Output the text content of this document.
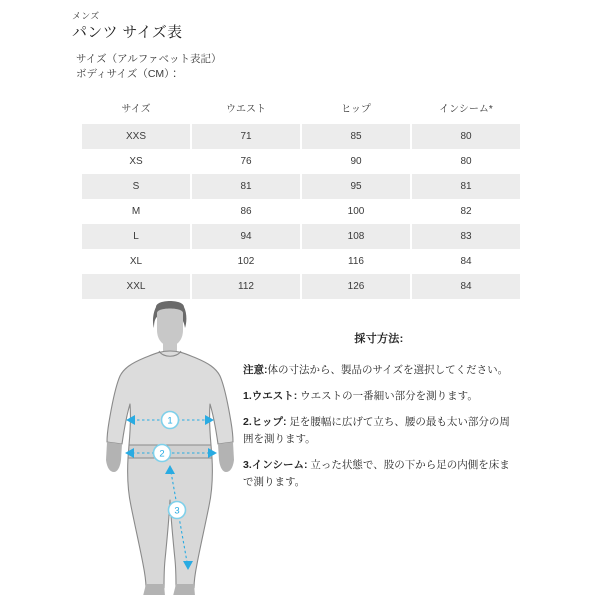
メンズ
パンツ サイズ表
サイズ（アルファベット表記）
ボディサイズ（CM）：
サイズ	ウエスト	ヒップ	インシーム*
XXS	71	85	80
XS	76	90	80
S	81	95	81
M	86	100	82
L	94	108	83
XL	102	116	84
XXL	112	126	84
1
2
3
採寸方法:
注意:体の寸法から、製品のサイズを選択してください。
1.ウエスト: ウエストの一番細い部分を測ります。
2.ヒップ: 足を腰幅に広げて立ち、腰の最も太い部分の周囲を測ります。
3.インシーム: 立った状態で、股の下から足の内側を床まで測ります。
